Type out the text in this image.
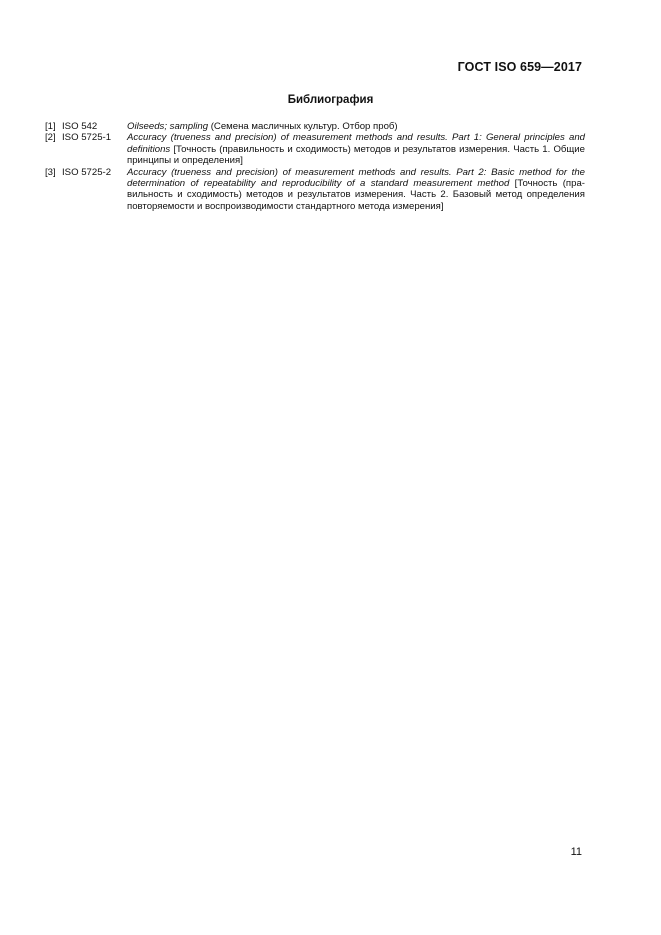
ГОСТ ISO 659—2017
Библиография
[1] ISO 542	Oilseeds; sampling (Семена масличных культур. Отбор проб)
[2] ISO 5725-1	Accuracy (trueness and precision) of measurement methods and results. Part 1: General principles and definitions [Точность (правильность и сходимость) методов и результатов измерения. Часть 1. Общие принципы и определения]
[3] ISO 5725-2	Accuracy (trueness and precision) of measurement methods and results. Part 2: Basic method for the determination of repeatability and reproducibility of a standard measurement method [Точность (правильность и сходимость) методов и результатов измерения. Часть 2. Базовый метод определения повторяемости и воспроизводимости стандартного метода измерения]
11
